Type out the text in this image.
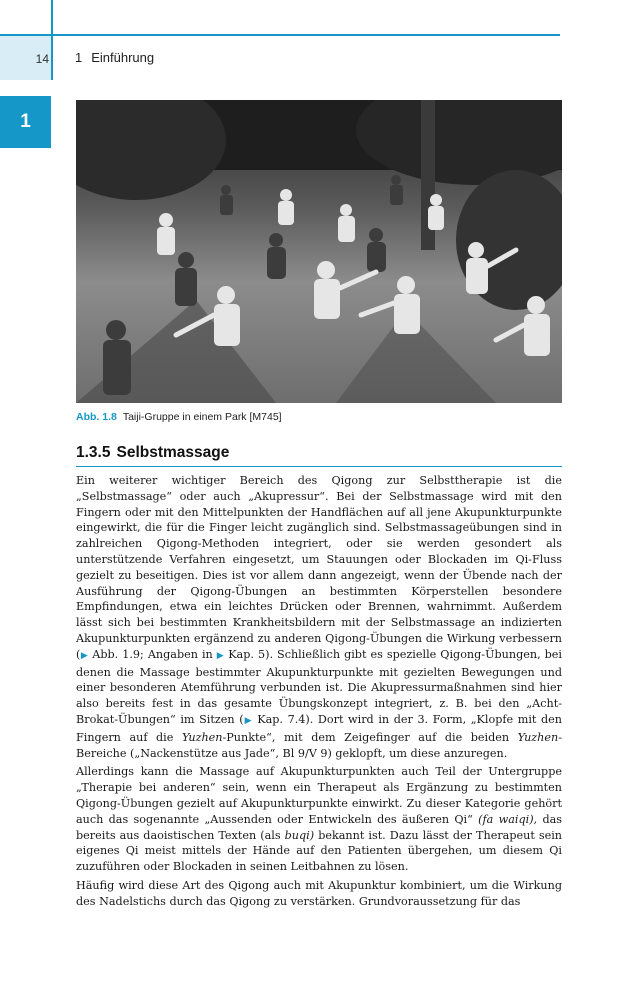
14 1 Einführung
1
Abb. 1.8 Taiji-Gruppe in einem Park [M745]
1.3.5 Selbstmassage

Ein weiterer wichtiger Bereich des Qigong zur Selbsttherapie ist die „Selbstmassage“ oder auch „Akupressur“. Bei der Selbstmassage wird mit den Fingern oder mit den Mittelpunkten der Handflächen auf all jene Akupunkturpunkte eingewirkt, die für die Finger leicht zugänglich sind. Selbstmassageübungen sind in zahlreichen Qigong-Methoden integriert, oder sie werden gesondert als unterstützende Verfahren eingesetzt, um Stauungen oder Blockaden im Qi-Fluss gezielt zu beseitigen. Dies ist vor allem dann angezeigt, wenn der Übende nach der Ausführung der Qigong-Übungen an bestimmten Körperstellen besondere Empfindungen, etwa ein leichtes Drücken oder Brennen, wahrnimmt. Außerdem lässt sich bei bestimmten Krankheitsbildern mit der Selbstmassage an indizierten Akupunkturpunkten ergänzend zu anderen Qigong-Übungen die Wirkung verbessern (▶ Abb. 1.9; Angaben in ▶ Kap. 5). Schließlich gibt es spezielle Qigong-Übungen, bei denen die Massage bestimmter Akupunkturpunkte mit gezielten Bewegungen und einer besonderen Atemführung verbunden ist. Die Akupressurmaßnahmen sind hier also bereits fest in das gesamte Übungskonzept integriert, z. B. bei den „Acht-Brokat-Übungen“ im Sitzen (▶ Kap. 7.4). Dort wird in der 3. Form, „Klopfe mit den Fingern auf die Yuzhen-Punkte“, mit dem Zeigefinger auf die beiden Yuzhen-Bereiche („Nackenstütze aus Jade“, Bl 9/V 9) geklopft, um diese anzuregen.

Allerdings kann die Massage auf Akupunkturpunkten auch Teil der Untergruppe „Therapie bei anderen“ sein, wenn ein Therapeut als Ergänzung zu bestimmten Qigong-Übungen gezielt auf Akupunkturpunkte einwirkt. Zu dieser Kategorie gehört auch das sogenannte „Aussenden oder Entwickeln des äußeren Qi“ (fa waiqi), das bereits aus daoistischen Texten (als buqi) bekannt ist. Dazu lässt der Therapeut sein eigenes Qi meist mittels der Hände auf den Patienten übergehen, um diesem Qi zuzuführen oder Blockaden in seinen Leitbahnen zu lösen.

Häufig wird diese Art des Qigong auch mit Akupunktur kombiniert, um die Wirkung des Nadelstichs durch das Qigong zu verstärken. Grundvoraussetzung für das
